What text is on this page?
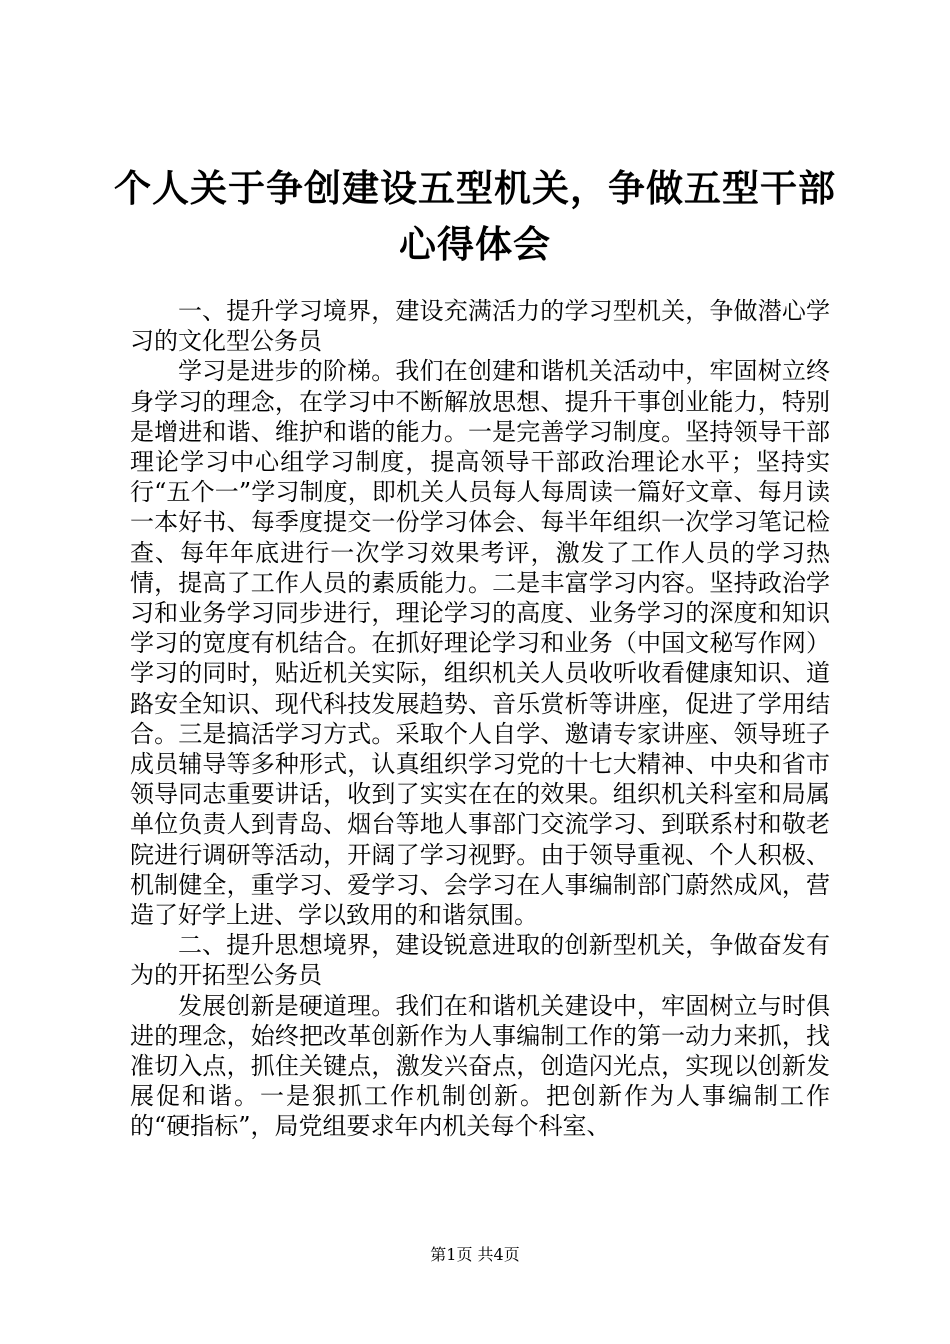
个人关于争创建设五型机关，争做五型干部心得体会

一、提升学习境界，建设充满活力的学习型机关，争做潜心学习的文化型公务员

学习是进步的阶梯。我们在创建和谐机关活动中，牢固树立终身学习的理念，在学习中不断解放思想、提升干事创业能力，特别是增进和谐、维护和谐的能力。一是完善学习制度。坚持领导干部理论学习中心组学习制度，提高领导干部政治理论水平；坚持实行“五个一”学习制度，即机关人员每人每周读一篇好文章、每月读一本好书、每季度提交一份学习体会、每半年组织一次学习笔记检查、每年年底进行一次学习效果考评，激发了工作人员的学习热情，提高了工作人员的素质能力。二是丰富学习内容。坚持政治学习和业务学习同步进行，理论学习的高度、业务学习的深度和知识学习的宽度有机结合。在抓好理论学习和业务（中国文秘写作网）学习的同时，贴近机关实际，组织机关人员收听收看健康知识、道路安全知识、现代科技发展趋势、音乐赏析等讲座，促进了学用结合。三是搞活学习方式。采取个人自学、邀请专家讲座、领导班子成员辅导等多种形式，认真组织学习党的十七大精神、中央和省市领导同志重要讲话，收到了实实在在的效果。组织机关科室和局属单位负责人到青岛、烟台等地人事部门交流学习、到联系村和敬老院进行调研等活动，开阔了学习视野。由于领导重视、个人积极、机制健全，重学习、爱学习、会学习在人事编制部门蔚然成风，营造了好学上进、学以致用的和谐氛围。

二、提升思想境界，建设锐意进取的创新型机关，争做奋发有为的开拓型公务员

发展创新是硬道理。我们在和谐机关建设中，牢固树立与时俱进的理念，始终把改革创新作为人事编制工作的第一动力来抓，找准切入点，抓住关键点，激发兴奋点，创造闪光点，实现以创新发展促和谐。一是狠抓工作机制创新。把创新作为人事编制工作的“硬指标”，局党组要求年内机关每个科室、

第1页 共4页
